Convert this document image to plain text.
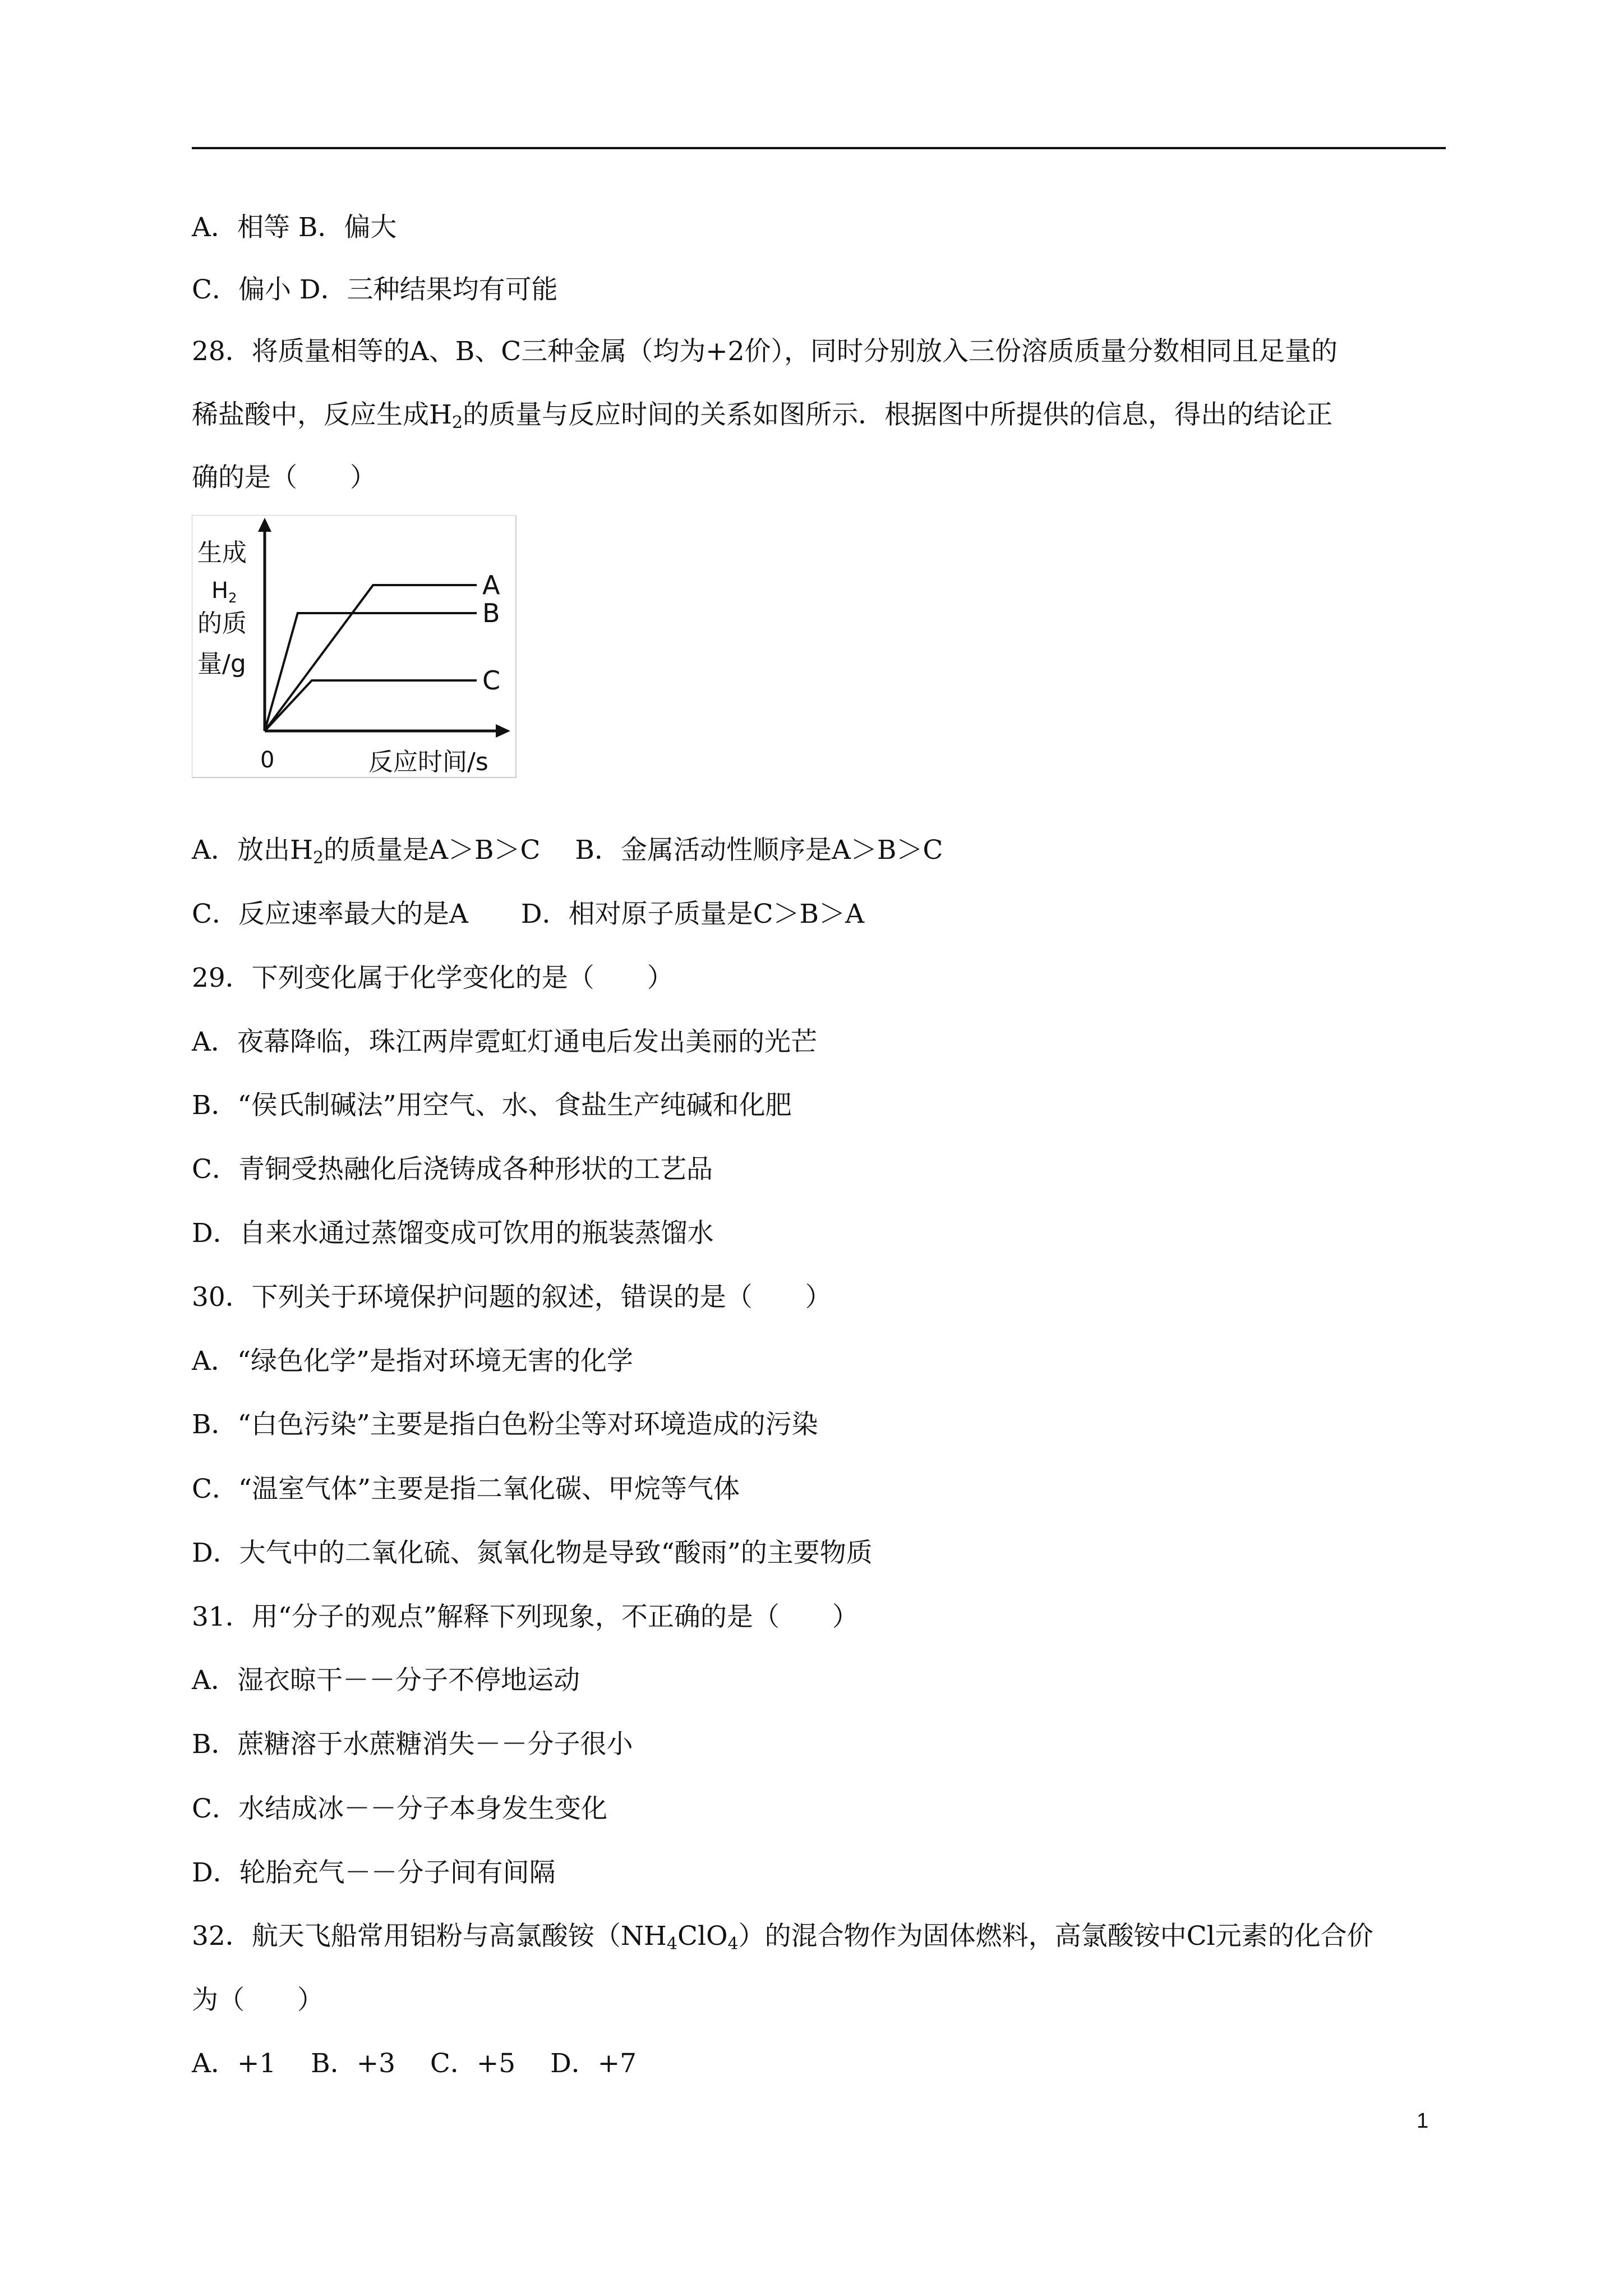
A．相等 B．偏大
C．偏小 D．三种结果均有可能
28．将质量相等的A、B、C三种金属（均为+2价），同时分别放入三份溶质质量分数相同且足量的
稀盐酸中，反应生成$H_2$的质量与反应时间的关系如图所示．根据图中所提供的信息，得出的结论正
确的是（　　）
A
B
C
生成
$H_2$
的质
量/g
0	反应时间/s
A．放出$H_2$的质量是A＞B＞C　 B．金属活动性顺序是A＞B＞C
C．反应速率最大的是A　　D．相对原子质量是C＞B＞A
29．下列变化属于化学变化的是（　　）
A．夜幕降临，珠江两岸霓虹灯通电后发出美丽的光芒
B．“侯氏制碱法”用空气、水、食盐生产纯碱和化肥
C．青铜受热融化后浇铸成各种形状的工艺品
D．自来水通过蒸馏变成可饮用的瓶装蒸馏水
30．下列关于环境保护问题的叙述，错误的是（　　）
A．“绿色化学”是指对环境无害的化学
B．“白色污染”主要是指白色粉尘等对环境造成的污染
C．“温室气体”主要是指二氧化碳、甲烷等气体
D．大气中的二氧化硫、氮氧化物是导致“酸雨”的主要物质
31．用“分子的观点”解释下列现象，不正确的是（　　）
A．湿衣晾干－－分子不停地运动
B．蔗糖溶于水蔗糖消失－－分子很小
C．水结成冰－－分子本身发生变化
D．轮胎充气－－分子间有间隔
32．航天飞船常用铝粉与高氯酸铵$(NH_4ClO_4)$的混合物作为固体燃料，高氯酸铵中Cl元素的化合价
为（　　）
A．+1　 B．+3　 C．+5　 D．+7
1
